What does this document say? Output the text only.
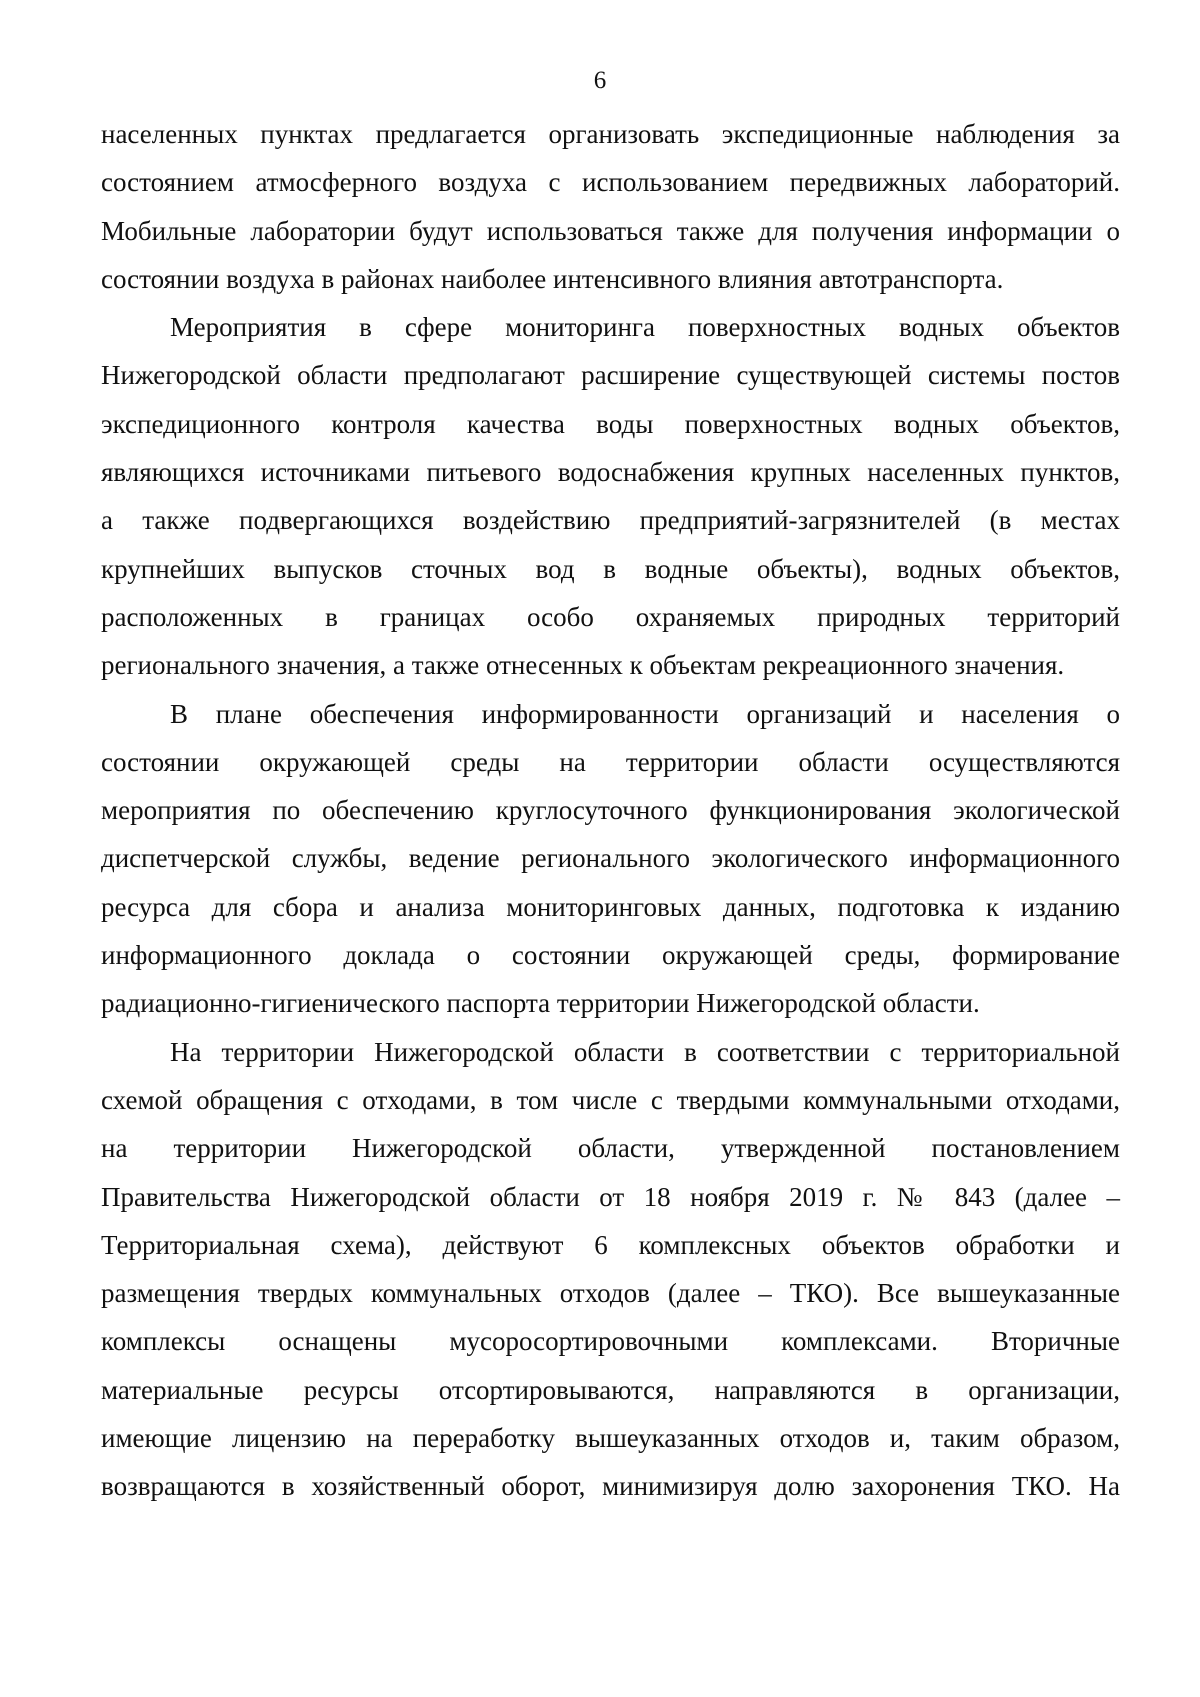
6
населенных пунктах предлагается организовать экспедиционные наблюдения за
состоянием атмосферного воздуха с использованием передвижных лабораторий.
Мобильные лаборатории будут использоваться также для получения информации о
состоянии воздуха в районах наиболее интенсивного влияния автотранспорта.
Мероприятия в сфере мониторинга поверхностных водных объектов
Нижегородской области предполагают расширение существующей системы постов
экспедиционного контроля качества воды поверхностных водных объектов,
являющихся источниками питьевого водоснабжения крупных населенных пунктов,
а также подвергающихся воздействию предприятий-загрязнителей (в местах
крупнейших выпусков сточных вод в водные объекты), водных объектов,
расположенных в границах особо охраняемых природных территорий
регионального значения, а также отнесенных к объектам рекреационного значения.
В плане обеспечения информированности организаций и населения о
состоянии окружающей среды на территории области осуществляются
мероприятия по обеспечению круглосуточного функционирования экологической
диспетчерской службы, ведение регионального экологического информационного
ресурса для сбора и анализа мониторинговых данных, подготовка к изданию
информационного доклада о состоянии окружающей среды, формирование
радиационно-гигиенического паспорта территории Нижегородской области.
На территории Нижегородской области в соответствии с территориальной
схемой обращения с отходами, в том числе с твердыми коммунальными отходами,
на территории Нижегородской области, утвержденной постановлением
Правительства Нижегородской области от 18 ноября 2019 г. № 843 (далее –
Территориальная схема), действуют 6 комплексных объектов обработки и
размещения твердых коммунальных отходов (далее – ТКО). Все вышеуказанные
комплексы оснащены мусоросортировочными комплексами. Вторичные
материальные ресурсы отсортировываются, направляются в организации,
имеющие лицензию на переработку вышеуказанных отходов и, таким образом,
возвращаются в хозяйственный оборот, минимизируя долю захоронения ТКО. На
